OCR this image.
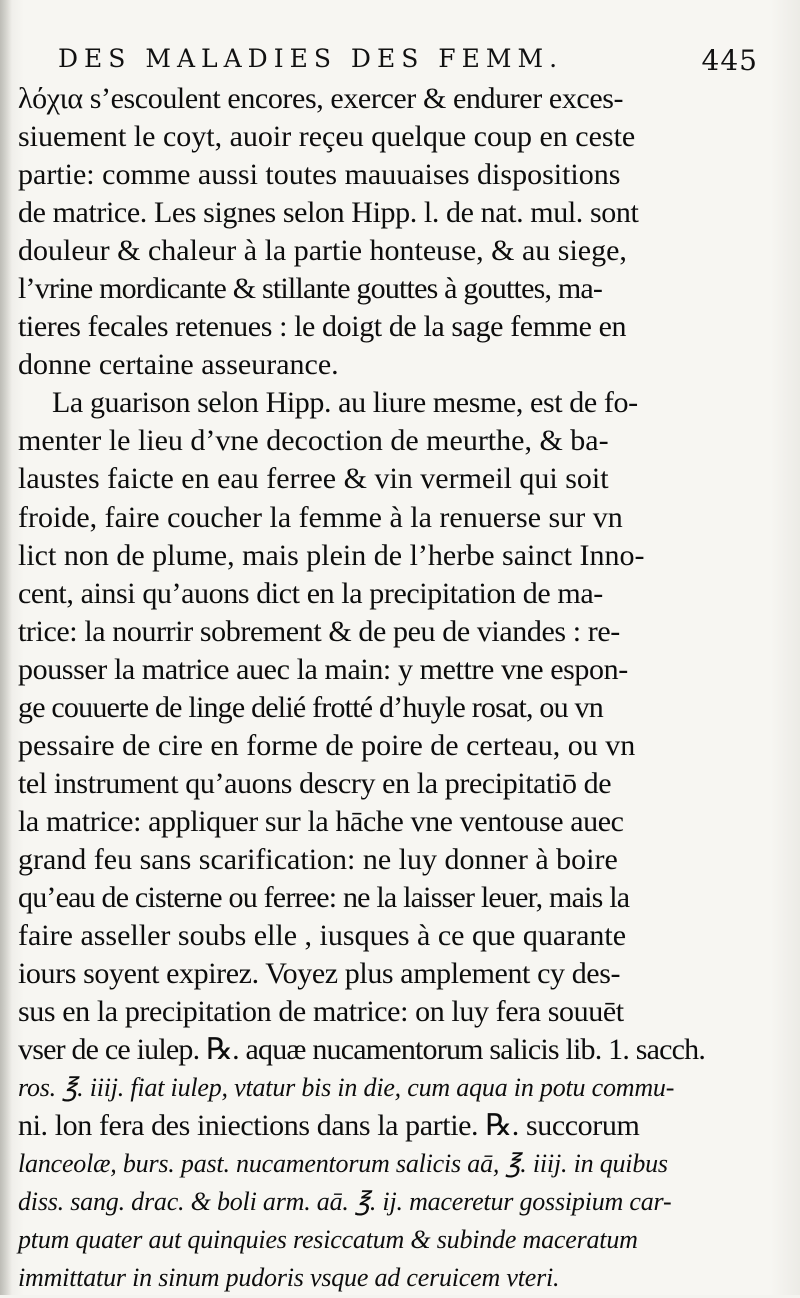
DES MALADIES DES FEMM.	445
λόχια s’escoulent encores, exercer & endurer exces-
siuement le coyt, auoir reçeu quelque coup en ceste
partie: comme aussi toutes mauuaises dispositions
de matrice. Les signes selon Hipp. l. de nat. mul. sont
douleur & chaleur à la partie honteuse, & au siege,
l’vrine mordicante & stillante gouttes à gouttes, ma-
tieres fecales retenues : le doigt de la sage femme en
donne certaine asseurance.
La guarison selon Hipp. au liure mesme, est de fo-
menter le lieu d’vne decoction de meurthe, & ba-
laustes faicte en eau ferree & vin vermeil qui soit
froide, faire coucher la femme à la renuerse sur vn
lict non de plume, mais plein de l’herbe sainct Inno-
cent, ainsi qu’auons dict en la precipitation de ma-
trice: la nourrir sobrement & de peu de viandes : re-
pousser la matrice auec la main: y mettre vne espon-
ge couuerte de linge delié frotté d’huyle rosat, ou vn
pessaire de cire en forme de poire de certeau, ou vn
tel instrument qu’auons descry en la precipitatiō de
la matrice: appliquer sur la hāche vne ventouse auec
grand feu sans scarification: ne luy donner à boire
qu’eau de cisterne ou ferree: ne la laisser leuer, mais la
faire asseller soubs elle , iusques à ce que quarante
iours soyent expirez. Voyez plus amplement cy des-
sus en la precipitation de matrice: on luy fera souuēt
vser de ce iulep. ℞. aquæ nucamentorum salicis lib. 1. sacch.
ros. ℥. iiij. fiat iulep, vtatur bis in die, cum aqua in potu commu-
ni. lon fera des iniections dans la partie. ℞. succorum
lanceolæ, burs. past. nucamentorum salicis aā, ℥. iiij. in quibus
diss. sang. drac. & boli arm. aā. ℥. ij. maceretur gossipium car-
ptum quater aut quinquies resiccatum & subinde maceratum
immittatur in sinum pudoris vsque ad ceruicem vteri.
